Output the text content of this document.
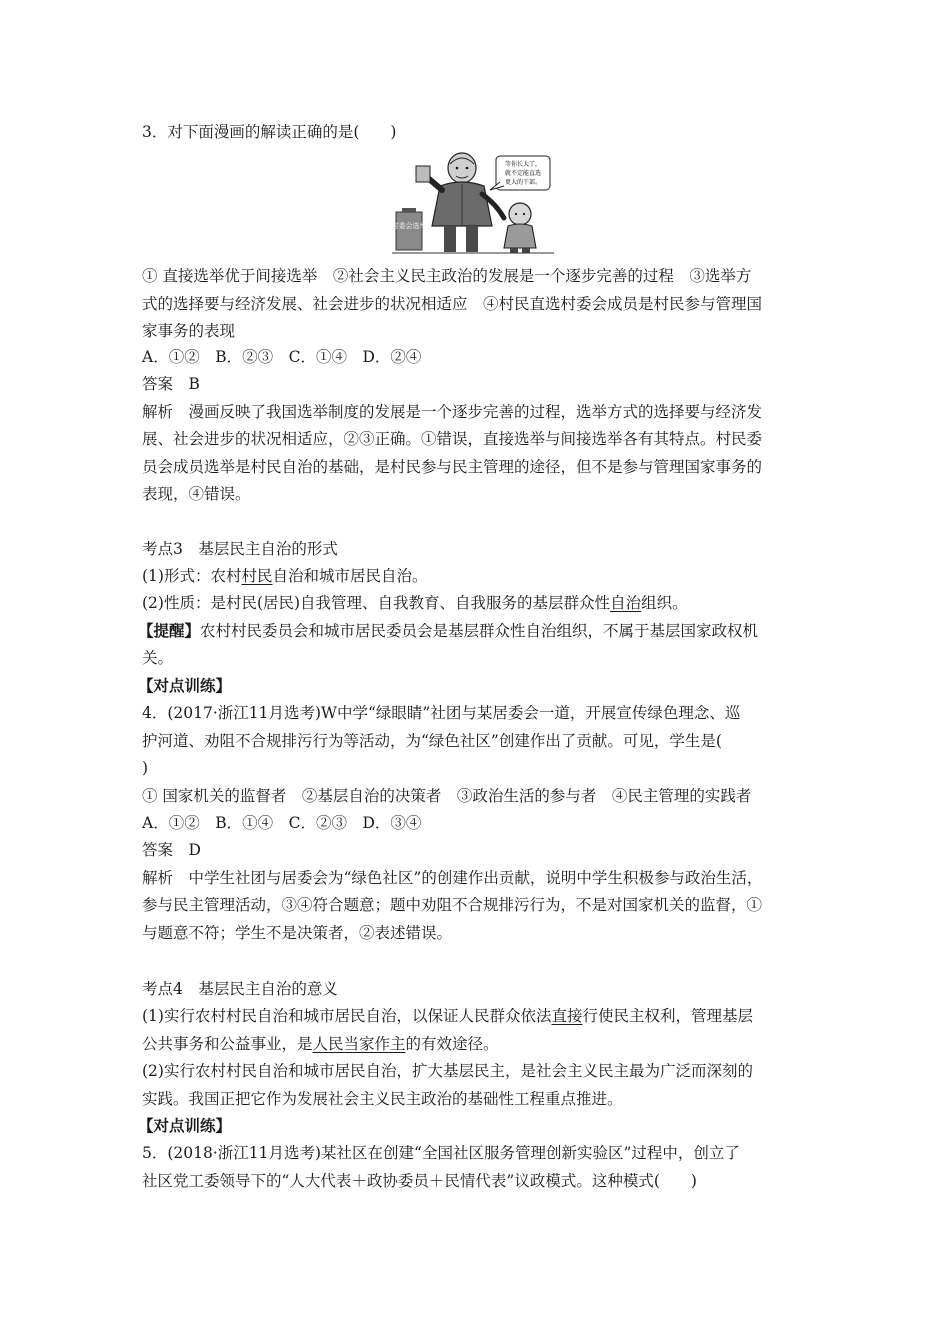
3．对下面漫画的解读正确的是(　　)
村委会选举
等你长大了，
就不定能直选
更大的干部。
① 直接选举优于间接选举　②社会主义民主政治的发展是一个逐步完善的过程　③选举方
式的选择要与经济发展、社会进步的状况相适应　④村民直选村委会成员是村民参与管理国
家事务的表现
A．①②　B．②③　C．①④　D．②④
答案　B
解析　漫画反映了我国选举制度的发展是一个逐步完善的过程，选举方式的选择要与经济发
展、社会进步的状况相适应，②③正确。①错误，直接选举与间接选举各有其特点。村民委
员会成员选举是村民自治的基础，是村民参与民主管理的途径，但不是参与管理国家事务的
表现，④错误。
考点3　基层民主自治的形式
(1)形式：农村村民自治和城市居民自治。
(2)性质：是村民(居民)自我管理、自我教育、自我服务的基层群众性自治组织。
【提醒】农村村民委员会和城市居民委员会是基层群众性自治组织，不属于基层国家政权机
关。
【对点训练】
4．(2017·浙江11月选考)W中学“绿眼睛”社团与某居委会一道，开展宣传绿色理念、巡
护河道、劝阻不合规排污行为等活动，为“绿色社区”创建作出了贡献。可见，学生是(
)
① 国家机关的监督者　②基层自治的决策者　③政治生活的参与者　④民主管理的实践者
A．①②　B．①④　C．②③　D．③④
答案　D
解析　中学生社团与居委会为“绿色社区”的创建作出贡献，说明中学生积极参与政治生活，
参与民主管理活动，③④符合题意；题中劝阻不合规排污行为，不是对国家机关的监督，①
与题意不符；学生不是决策者，②表述错误。
考点4　基层民主自治的意义
(1)实行农村村民自治和城市居民自治，以保证人民群众依法直接行使民主权利，管理基层
公共事务和公益事业，是人民当家作主的有效途径。
(2)实行农村村民自治和城市居民自治，扩大基层民主，是社会主义民主最为广泛而深刻的
实践。我国正把它作为发展社会主义民主政治的基础性工程重点推进。
【对点训练】
5．(2018·浙江11月选考)某社区在创建“全国社区服务管理创新实验区”过程中，创立了
社区党工委领导下的“人大代表＋政协委员＋民情代表”议政模式。这种模式(　　)
